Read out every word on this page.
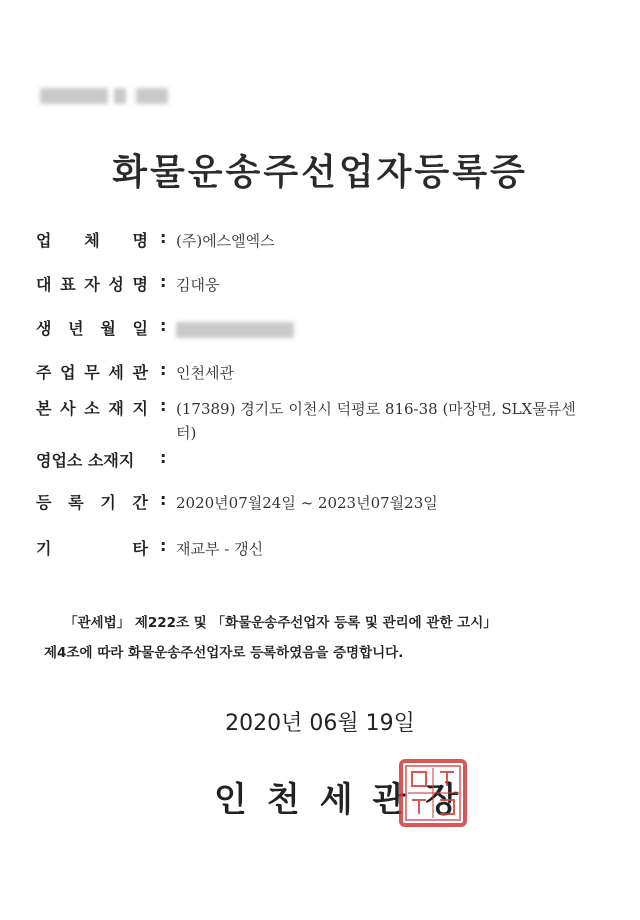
화물운송주선업자등록증
업 체 명 : (주)에스엘엑스
대 표 자 성 명 : 김대웅
생 년 월 일 :
주 업 무 세 관 : 인천세관
본 사 소 재 지 : (17389) 경기도 이천시 덕평로 816-38 (마장면, SLX물류센터)
영업소 소재지 :
등 록 기 간 : 2020년07월24일 ~ 2023년07월23일
기	타 : 재교부 - 갱신
「관세법」 제222조 및 「화물운송주선업자 등록 및 관리에 관한 고시」
제4조에 따라 화물운송주선업자로 등록하였음을 증명합니다.
2020년 06월 19일
인천세관장
